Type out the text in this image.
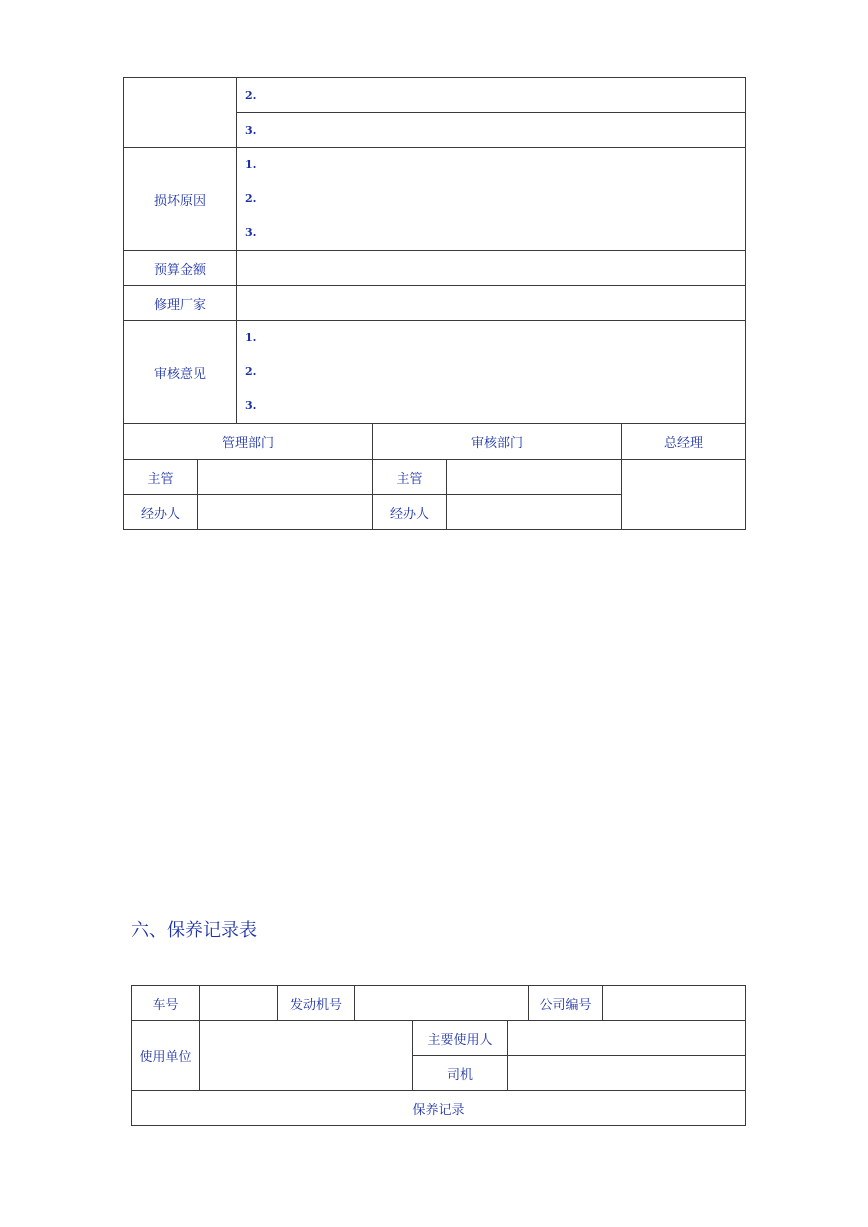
	2.
	3.
损坏原因	1.
2.
3.

预算金额	
修理厂家	
审核意见	1.
2.
3.
管理部门		审核部门		总经理
主管		主管		
经办人		经办人		
六、保养记录表
车号		发动机号				公司编号	
使用单位				主要使用人			
				司机			
保养记录							
